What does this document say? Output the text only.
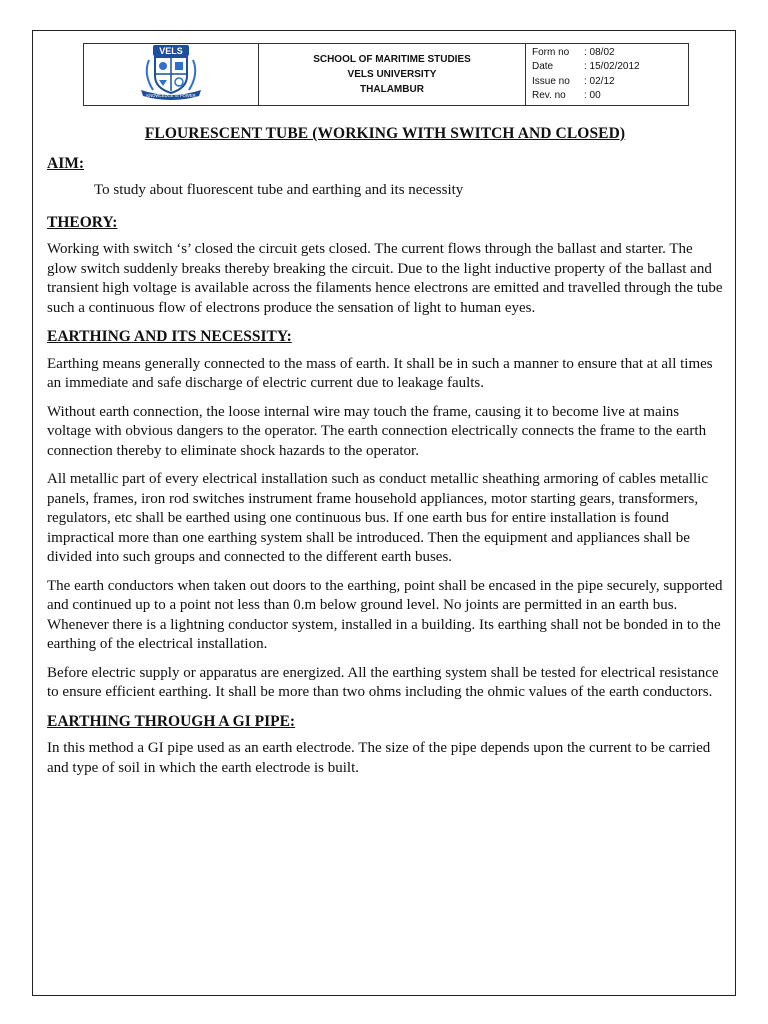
VELS
KNOWLEDGE IS POWER

SCHOOL OF MARITIME STUDIES
VELS UNIVERSITY
THALAMBUR

Form no	: 08/02
Date	: 15/02/2012
Issue no	: 02/12
Rev. no	: 00
FLOURESCENT TUBE (WORKING WITH SWITCH AND CLOSED)
AIM:

To study about fluorescent tube and earthing and its necessity

THEORY:

Working with switch ‘s’ closed the circuit gets closed. The current flows through the ballast and starter. The glow switch suddenly breaks thereby breaking the circuit. Due to the light inductive property of the ballast and transient high voltage is available across the filaments hence electrons are emitted and travelled through the tube such a continuous flow of electrons produce the sensation of light to human eyes.

EARTHING AND ITS NECESSITY:

Earthing means generally connected to the mass of earth. It shall be in such a manner to ensure that at all times an immediate and safe discharge of electric current due to leakage faults.

Without earth connection, the loose internal wire may touch the frame, causing it to become live at mains voltage with obvious dangers to the operator. The earth connection electrically connects the frame to the earth connection thereby to eliminate shock hazards to the operator.

All metallic part of every electrical installation such as conduct metallic sheathing armoring of cables metallic panels, frames, iron rod switches instrument frame household appliances, motor starting gears, transformers, regulators, etc shall be earthed using one continuous bus. If one earth bus for entire installation is found impractical more than one earthing system shall be introduced. Then the equipment and appliances shall be divided into such groups and connected to the different earth buses.

The earth conductors when taken out doors to the earthing, point shall be encased in the pipe securely, supported and continued up to a point not less than 0.m below ground level. No joints are permitted in an earth bus. Whenever there is a lightning conductor system, installed in a building. Its earthing shall not be bonded in to the earthing of the electrical installation.

Before electric supply or apparatus are energized. All the earthing system shall be tested for electrical resistance to ensure efficient earthing. It shall be more than two ohms including the ohmic values of the earth conductors.

EARTHING THROUGH A GI PIPE:

In this method a GI pipe used as an earth electrode. The size of the pipe depends upon the current to be carried and type of soil in which the earth electrode is built.
